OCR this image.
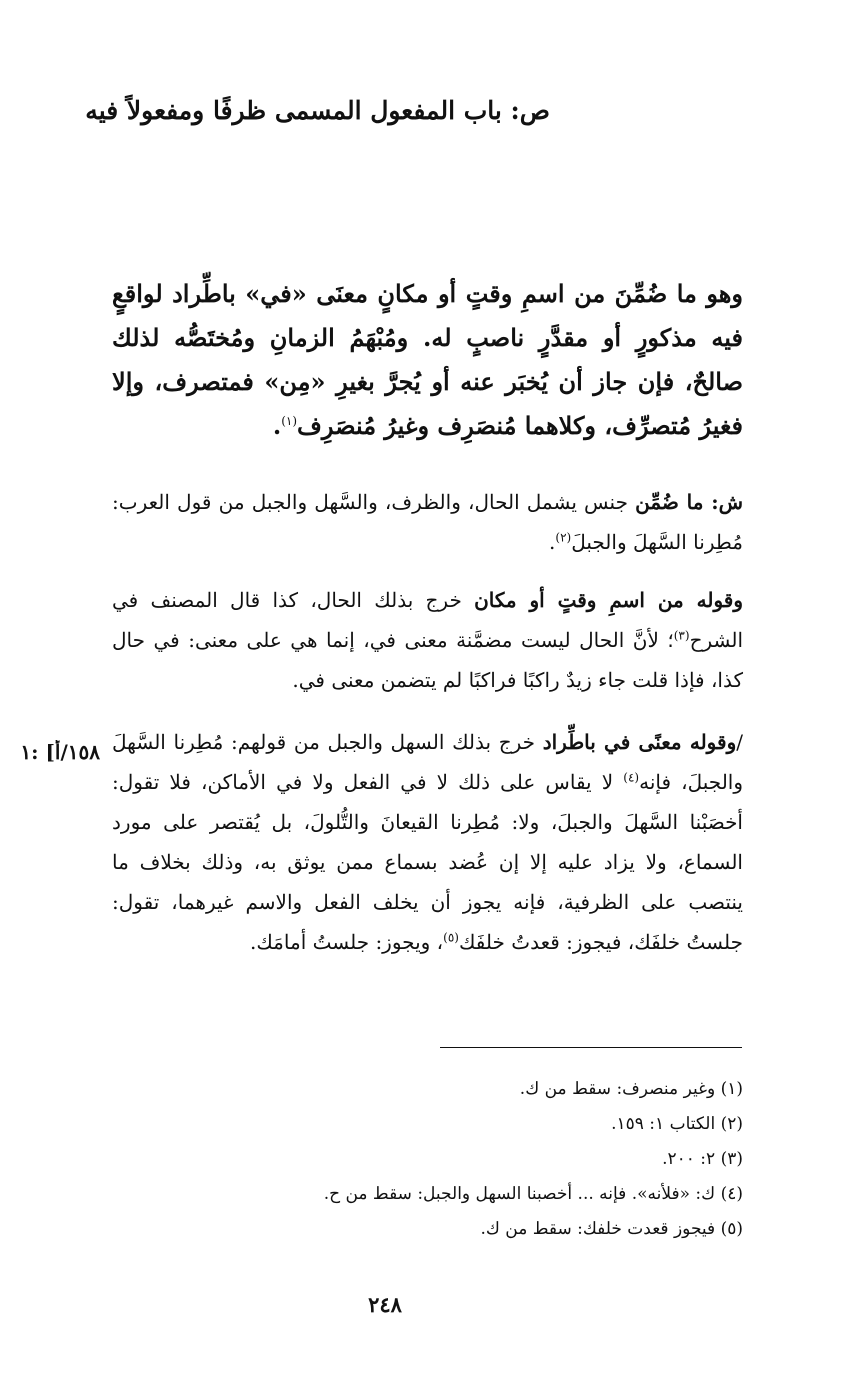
ص: باب المفعول المسمى ظرفًا ومفعولاً فيه

وهو ما ضُمِّنَ من اسمِ وقتٍ أو مكانٍ معنَى «في» باطِّراد لواقعٍ فيه مذكورٍ أو مقدَّرٍ ناصبٍ له. ومُبْهَمُ الزمانِ ومُختَصُّه لذلك صالحٌ، فإن جاز أن يُخبَر عنه أو يُجرَّ بغيرِ «مِن» فمتصرف، وإلا فغيرُ مُتصرِّف، وكلاهما مُنصَرِف وغيرُ مُنصَرِف$^{(١)}$.

ش: ما ضُمِّن جنس يشمل الحال، والظرف، والسَّهل والجبل من قول العرب: مُطِرنا السَّهلَ والجبلَ$^{(٢)}$.

وقوله من اسمِ وقتٍ أو مكان خرج بذلك الحال، كذا قال المصنف في الشرح$^{(٣)}$؛ لأنَّ الحال ليست مضمَّنة معنى في، إنما هي على معنى: في حال كذا، فإذا قلت جاء زيدٌ راكبًا فراكبًا لم يتضمن معنى في.

/وقوله معنًى في باطِّراد خرج بذلك السهل والجبل من قولهم: مُطِرنا السَّهلَ والجبلَ، فإنه$^{(٤)}$ لا يقاس على ذلك لا في الفعل ولا في الأماكن، فلا تقول: أخصَبْنا السَّهلَ والجبلَ، ولا: مُطِرنا القيعانَ والتُّلولَ، بل يُقتصر على مورد السماع، ولا يزاد عليه إلا إن عُضد بسماع ممن يوثق به، وذلك بخلاف ما ينتصب على الظرفية، فإنه يجوز أن يخلف الفعل والاسم غيرهما، تقول: جلستُ خلفَك، فيجوز: قعدتُ خلفَك$^{(٥)}$، ويجوز: جلستُ أمامَك.

١٥٨/أ] :١
(١) وغير منصرف: سقط من ك.
(٢) الكتاب ١: ١٥٩.
(٣) ٢: ٢٠٠.
(٤) ك: «فلأنه». فإنه ... أخصبنا السهل والجبل: سقط من ح.
(٥) فيجوز قعدت خلفك: سقط من ك.
٢٤٨
